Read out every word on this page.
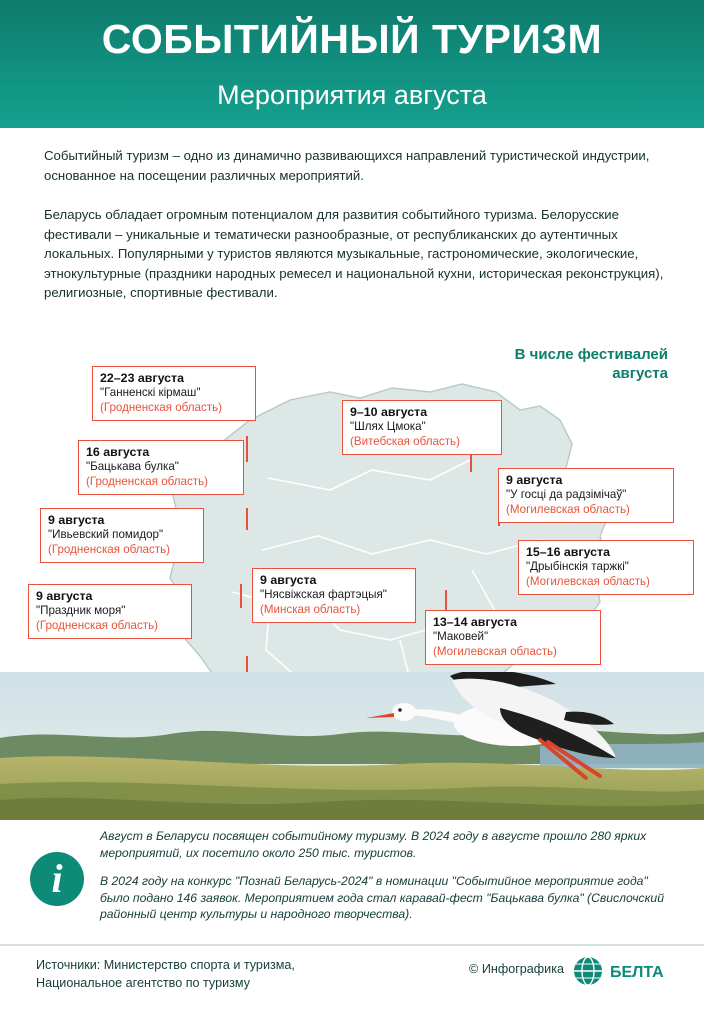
СОБЫТИЙНЫЙ ТУРИЗМ
Мероприятия августа

Событийный туризм – одно из динамично развивающихся направлений туристической индустрии, основанное на посещении различных мероприятий.

Беларусь обладает огромным потенциалом для развития событийного туризма. Белорусские фестивали – уникальные и тематически разнообразные, от республиканских до аутентичных локальных. Популярными у туристов являются музыкальные, гастрономические, экологические, этнокультурные (праздники народных ремесел и национальной кухни, историческая реконструкция), религиозные, спортивные фестивали.

В числе фестивалей
августа
22–23 августа
"Ганненскі кірмаш"
(Гродненская область)
16 августа
"Бацькава булка"
(Гродненская область)
9 августа
"Ивьевский помидор"
(Гродненская область)
9 августа
"Праздник моря"
(Гродненская область)
9–10 августа
"Шлях Цмока"
(Витебская область)
9 августа
"Нясвіжская фартэцыя"
(Минская область)
9 августа
"У госці да радзімічаў"
(Могилевская область)
15–16 августа
"Дрыбінскія таржкі"
(Могилевская область)
13–14 августа
"Маковей"
(Могилевская область)
i

Август в Беларуси посвящен событийному туризму. В 2024 году в августе прошло 280 ярких мероприятий, их посетило около 250 тыс. туристов.

В 2024 году на конкурс "Познай Беларусь-2024" в номинации "Событийное мероприятие года" было подано 146 заявок. Мероприятием года стал каравай-фест "Бацькава булка" (Свислочский районный центр культуры и народного творчества).

Источники: Министерство спорта и туризма,
Национальное агентство по туризму
© Инфографика	БЕЛТА
